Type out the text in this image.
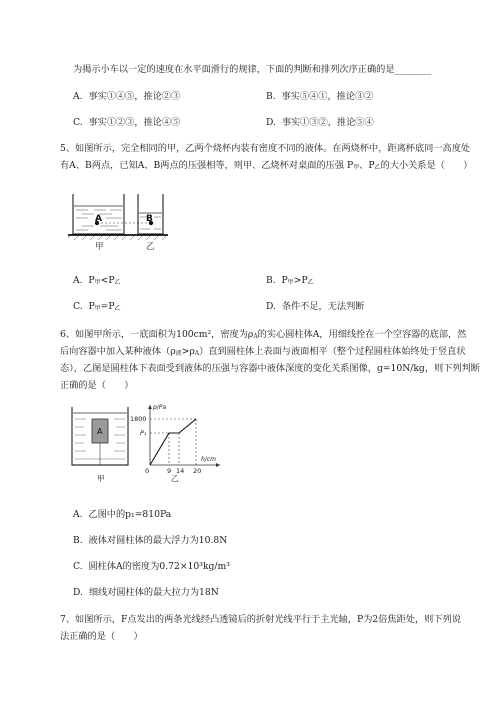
为揭示小车以一定的速度在水平面滑行的规律，下面的判断和排列次序正确的是________
A. 事实①④⑤，推论②③	B. 事实⑤④①，推论③②
C. 事实①②③，推论④⑤	D. 事实①③②，推论⑤④
5、如图所示，完全相同的甲，乙两个烧杯内装有密度不同的液体。在两烧杯中，距离杯底同一高度处
有A、B两点，已知A、B两点的压强相等，则甲、乙烧杯对桌面的压强 P甲、P乙的大小关系是（　　）
A	B
甲	乙
A. P甲<P乙	B. P甲>P乙
C. P甲=P乙	D. 条件不足，无法判断
6、如图甲所示，一底面积为100cm²，密度为ρA的实心圆柱体A，用细线拴在一个空容器的底部，然
后向容器中加入某种液体（ρ液>ρA）直到圆柱体上表面与液面相平（整个过程圆柱体始终处于竖直状
态），乙图是圆柱体下表面受到液体的压强与容器中液体深度的变化关系图像，g=10N/kg，则下列判断
正确的是（　　）
A
甲
p/Pa
h/cm
1800
P₁
0	9 14 20
乙
A. 乙图中的p₁=810Pa
B. 液体对圆柱体的最大浮力为10.8N
C. 圆柱体A的密度为0.72×10³kg/m³
D. 细线对圆柱体的最大拉力为18N
7、如图所示，F点发出的两条光线经凸透镜后的折射光线平行于主光轴，P为2倍焦距处，则下列说
法正确的是（　　）
